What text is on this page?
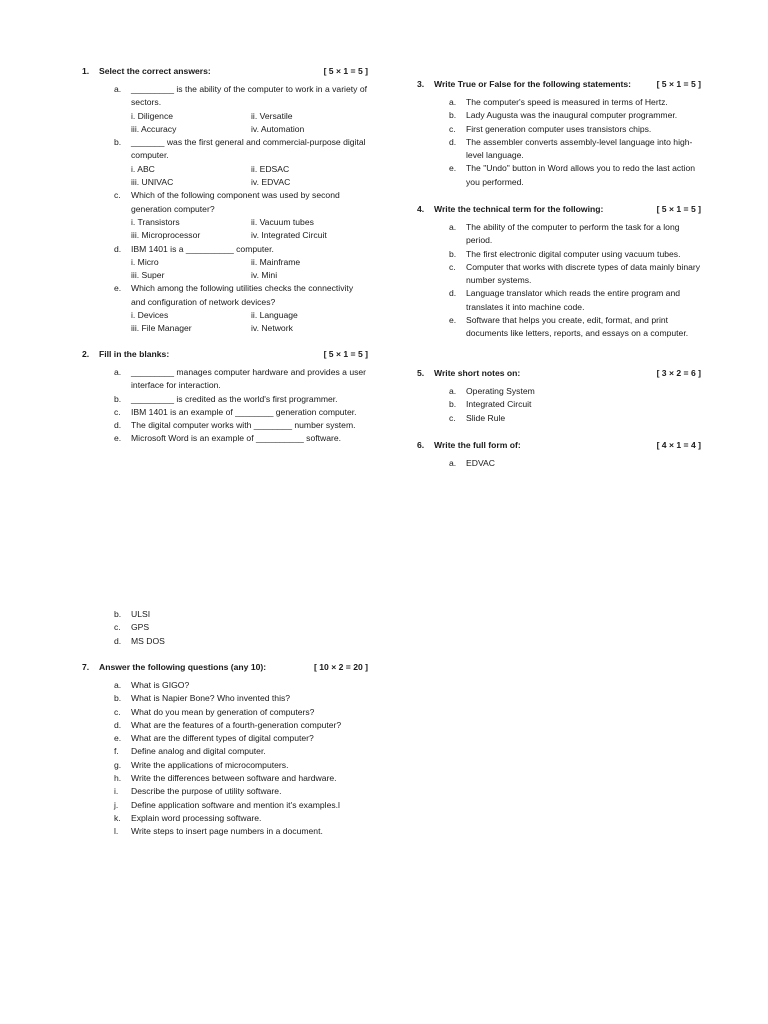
1.	Select the correct answers:	[ 5 × 1 = 5 ]
a.	_________ is the ability of the computer to work in a variety of sectors.
i. Diligence	ii. Versatile
iii. Accuracy	iv. Automation
b.	_______ was the first general and commercial-purpose digital computer.
i. ABC	ii. EDSAC
iii. UNIVAC	iv. EDVAC
c.	Which of the following component was used by second generation computer?
i. Transistors	ii. Vacuum tubes
iii. Microprocessor	iv. Integrated Circuit
d.	IBM 1401 is a __________ computer.
i. Micro	ii. Mainframe
iii. Super	iv. Mini
e.	Which among the following utilities checks the connectivity and configuration of network devices?
i. Devices	ii. Language
iii. File Manager	iv. Network
2.	Fill in the blanks:	[ 5 × 1 = 5 ]
a.	_________ manages computer hardware and provides a user interface for interaction.
b.	_________ is credited as the world's first programmer.
c.	IBM 1401 is an example of ________ generation computer.
d.	The digital computer works with ________ number system.
e.	Microsoft Word is an example of __________ software.
3.	Write True or False for the following statements:	[ 5 × 1 = 5 ]
a.	The computer's speed is measured in terms of Hertz.
b.	Lady Augusta was the inaugural computer programmer.
c.	First generation computer uses transistors chips.
d.	The assembler converts assembly-level language into high-level language.
e.	The "Undo" button in Word allows you to redo the last action you performed.
4.	Write the technical term for the following:	[ 5 × 1 = 5 ]
a.	The ability of the computer to perform the task for a long period.
b.	The first electronic digital computer using vacuum tubes.
c.	Computer that works with discrete types of data mainly binary number systems.
d.	Language translator which reads the entire program and translates it into machine code.
e.	Software that helps you create, edit, format, and print documents like letters, reports, and essays on a computer.
5.	Write short notes on:	[ 3 × 2 = 6 ]
a.	Operating System
b.	Integrated Circuit
c.	Slide Rule
6.	Write the full form of:	[ 4 × 1 = 4 ]
a.	EDVAC
b.	ULSI
c.	GPS
d.	MS DOS
7.	Answer the following questions (any 10):	[ 10 × 2 = 20 ]
a.	What is GIGO?
b.	What is Napier Bone? Who invented this?
c.	What do you mean by generation of computers?
d.	What are the features of a fourth-generation computer?
e.	What are the different types of digital computer?
f.	Define analog and digital computer.
g.	Write the applications of microcomputers.
h.	Write the differences between software and hardware.
i.	Describe the purpose of utility software.
j.	Define application software and mention it's examples.l
k.	Explain word processing software.
l.	Write steps to insert page numbers in a document.
